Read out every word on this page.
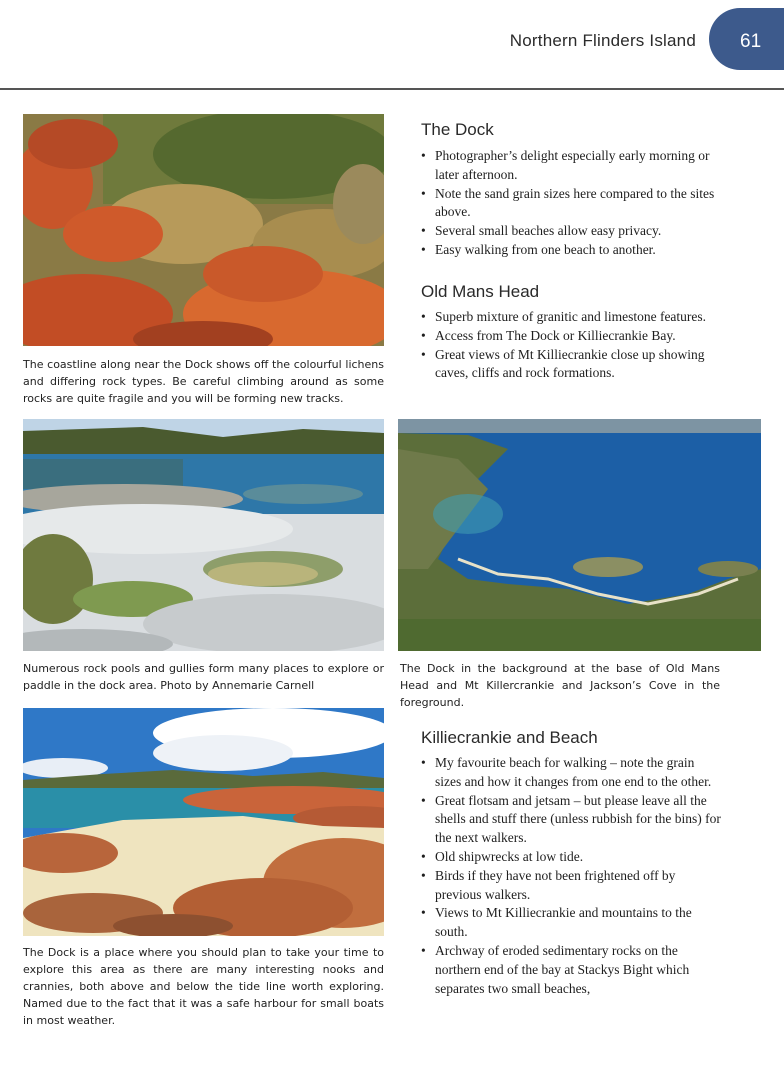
Northern Flinders Island 61
The coastline along near the Dock shows off the colourful lichens and differing rock types. Be careful climbing around as some rocks are quite fragile and you will be forming new tracks.
The Dock
• Photographer’s delight especially early morning or later afternoon.
• Note the sand grain sizes here compared to the sites above.
• Several small beaches allow easy privacy.
• Easy walking from one beach to another.
Old Mans Head
• Superb mixture of granitic and limestone features.
• Access from The Dock or Killiecrankie Bay.
• Great views of Mt Killiecrankie close up showing caves, cliffs and rock formations.
Numerous rock pools and gullies form many places to explore or paddle in the dock area. Photo by Annemarie Carnell
The Dock in the background at the base of Old Mans Head and Mt Killercrankie and Jackson’s Cove in the foreground.
The Dock is a place where you should plan to take your time to explore this area as there are many interesting nooks and crannies, both above and below the tide line worth exploring. Named due to the fact that it was a safe harbour for small boats in most weather.
Killiecrankie and Beach
• My favourite beach for walking – note the grain sizes and how it changes from one end to the other.
• Great flotsam and jetsam – but please leave all the shells and stuff there (unless rubbish for the bins) for the next walkers.
• Old shipwrecks at low tide.
• Birds if they have not been frightened off by previous walkers.
• Views to Mt Killiecrankie and mountains to the south.
• Archway of eroded sedimentary rocks on the northern end of the bay at Stackys Bight which separates two small beaches,
